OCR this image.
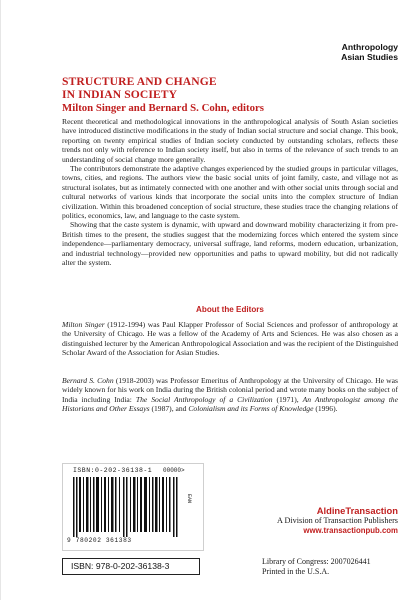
Anthropology
Asian Studies
STRUCTURE AND CHANGE
IN INDIAN SOCIETY
Milton Singer and Bernard S. Cohn, editors

Recent theoretical and methodological innovations in the anthropological analysis of South Asian societies have introduced distinctive modifications in the study of Indian social structure and social change. This book, reporting on twenty empirical studies of Indian society conducted by outstanding scholars, reflects these trends not only with reference to Indian society itself, but also in terms of the relevance of such trends to an understanding of social change more generally.

The contributors demonstrate the adaptive changes experienced by the studied groups in particular villages, towns, cities, and regions. The authors view the basic social units of joint family, caste, and village not as structural isolates, but as intimately connected with one another and with other social units through social and cultural networks of various kinds that incorporate the social units into the complex structure of Indian civilization. Within this broadened conception of social structure, these studies trace the changing relations of politics, economics, law, and language to the caste system.

Showing that the caste system is dynamic, with upward and downward mobility characterizing it from pre-British times to the present, the studies suggest that the modernizing forces which entered the system since independence—parliamentary democracy, universal suffrage, land reforms, modern education, urbanization, and industrial technology—provided new opportunities and paths to upward mobility, but did not radically alter the system.

About the Editors
Milton Singer (1912-1994) was Paul Klapper Professor of Social Sciences and professor of anthropology at the University of Chicago. He was a fellow of the Academy of Arts and Sciences. He was also chosen as a distinguished lecturer by the American Anthropological Association and was the recipient of the Distinguished Scholar Award of the Association for Asian Studies.
Bernard S. Cohn (1918-2003) was Professor Emeritus of Anthropology at the University of Chicago. He was widely known for his work on India during the British colonial period and wrote many books on the subject of India including India: The Social Anthropology of a Civilization (1971), An Anthropologist among the Historians and Other Essays (1987), and Colonialism and its Forms of Knowledge (1996).
ISBN:0-202-36138-1 00000>
EAN
9 780202 361383
ISBN: 978-0-202-36138-3
AldineTransaction
A Division of Transaction Publishers
www.transactionpub.com
Library of Congress: 2007026441
Printed in the U.S.A.
